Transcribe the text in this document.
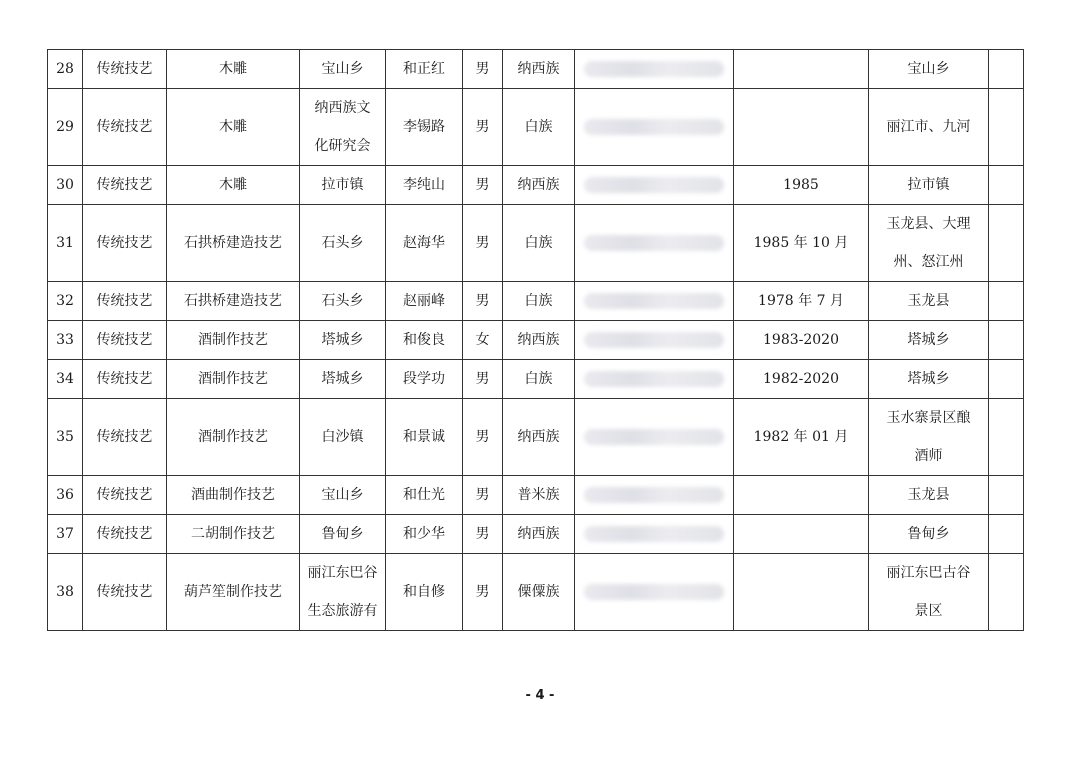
28	传统技艺	木雕	宝山乡	和正红	男	纳西族			宝山乡	

29	传统技艺	木雕	纳西族文
化研究会	李锡路	男	白族			丽江市、九河	

30	传统技艺	木雕	拉市镇	李纯山	男	纳西族		1985	拉市镇	

31	传统技艺	石拱桥建造技艺	石头乡	赵海华	男	白族		1985 年 10 月	玉龙县、大理
州、怒江州	

32	传统技艺	石拱桥建造技艺	石头乡	赵丽峰	男	白族		1978 年 7 月	玉龙县	

33	传统技艺	酒制作技艺	塔城乡	和俊良	女	纳西族		1983-2020	塔城乡	

34	传统技艺	酒制作技艺	塔城乡	段学功	男	白族		1982-2020	塔城乡	

35	传统技艺	酒制作技艺	白沙镇	和景诚	男	纳西族		1982 年 01 月	玉水寨景区酿
酒师	

36	传统技艺	酒曲制作技艺	宝山乡	和仕光	男	普米族			玉龙县	

37	传统技艺	二胡制作技艺	鲁甸乡	和少华	男	纳西族			鲁甸乡	

38	传统技艺	葫芦笙制作技艺	丽江东巴谷
生态旅游有	和自修	男	傈僳族			丽江东巴古谷
景区	

- 4 -
